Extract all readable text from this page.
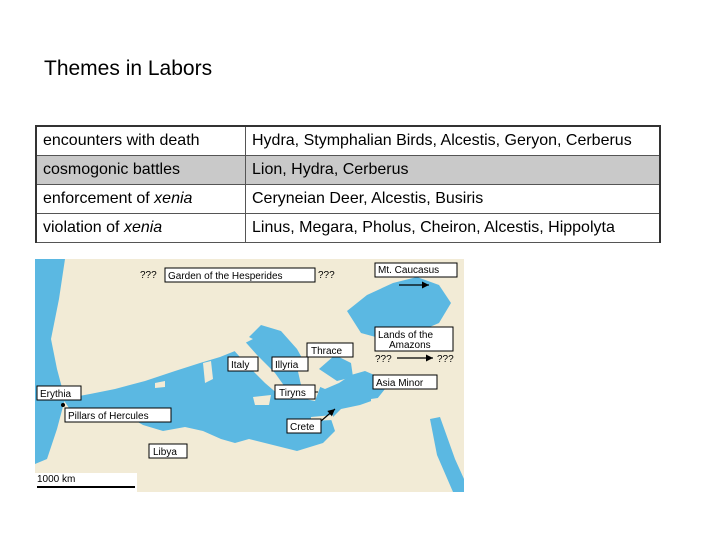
Themes in Labors
encounters with death	Hydra, Stymphalian Birds, Alcestis, Geryon, Cerberus
cosmogonic battles	Lion, Hydra, Cerberus
enforcement of xenia	Ceryneian Deer, Alcestis, Busiris
violation of xenia	Linus, Megara, Pholus, Cheiron, Alcestis, Hippolyta
??? Garden of the Hesperides	???	Mt. Caucasus
Lands of the
Amazons
???	???
Thrace
Italy	Illyria
Asia Minor
Tiryns
Erythia
Pillars of Hercules
Crete
Libya
1000 km
